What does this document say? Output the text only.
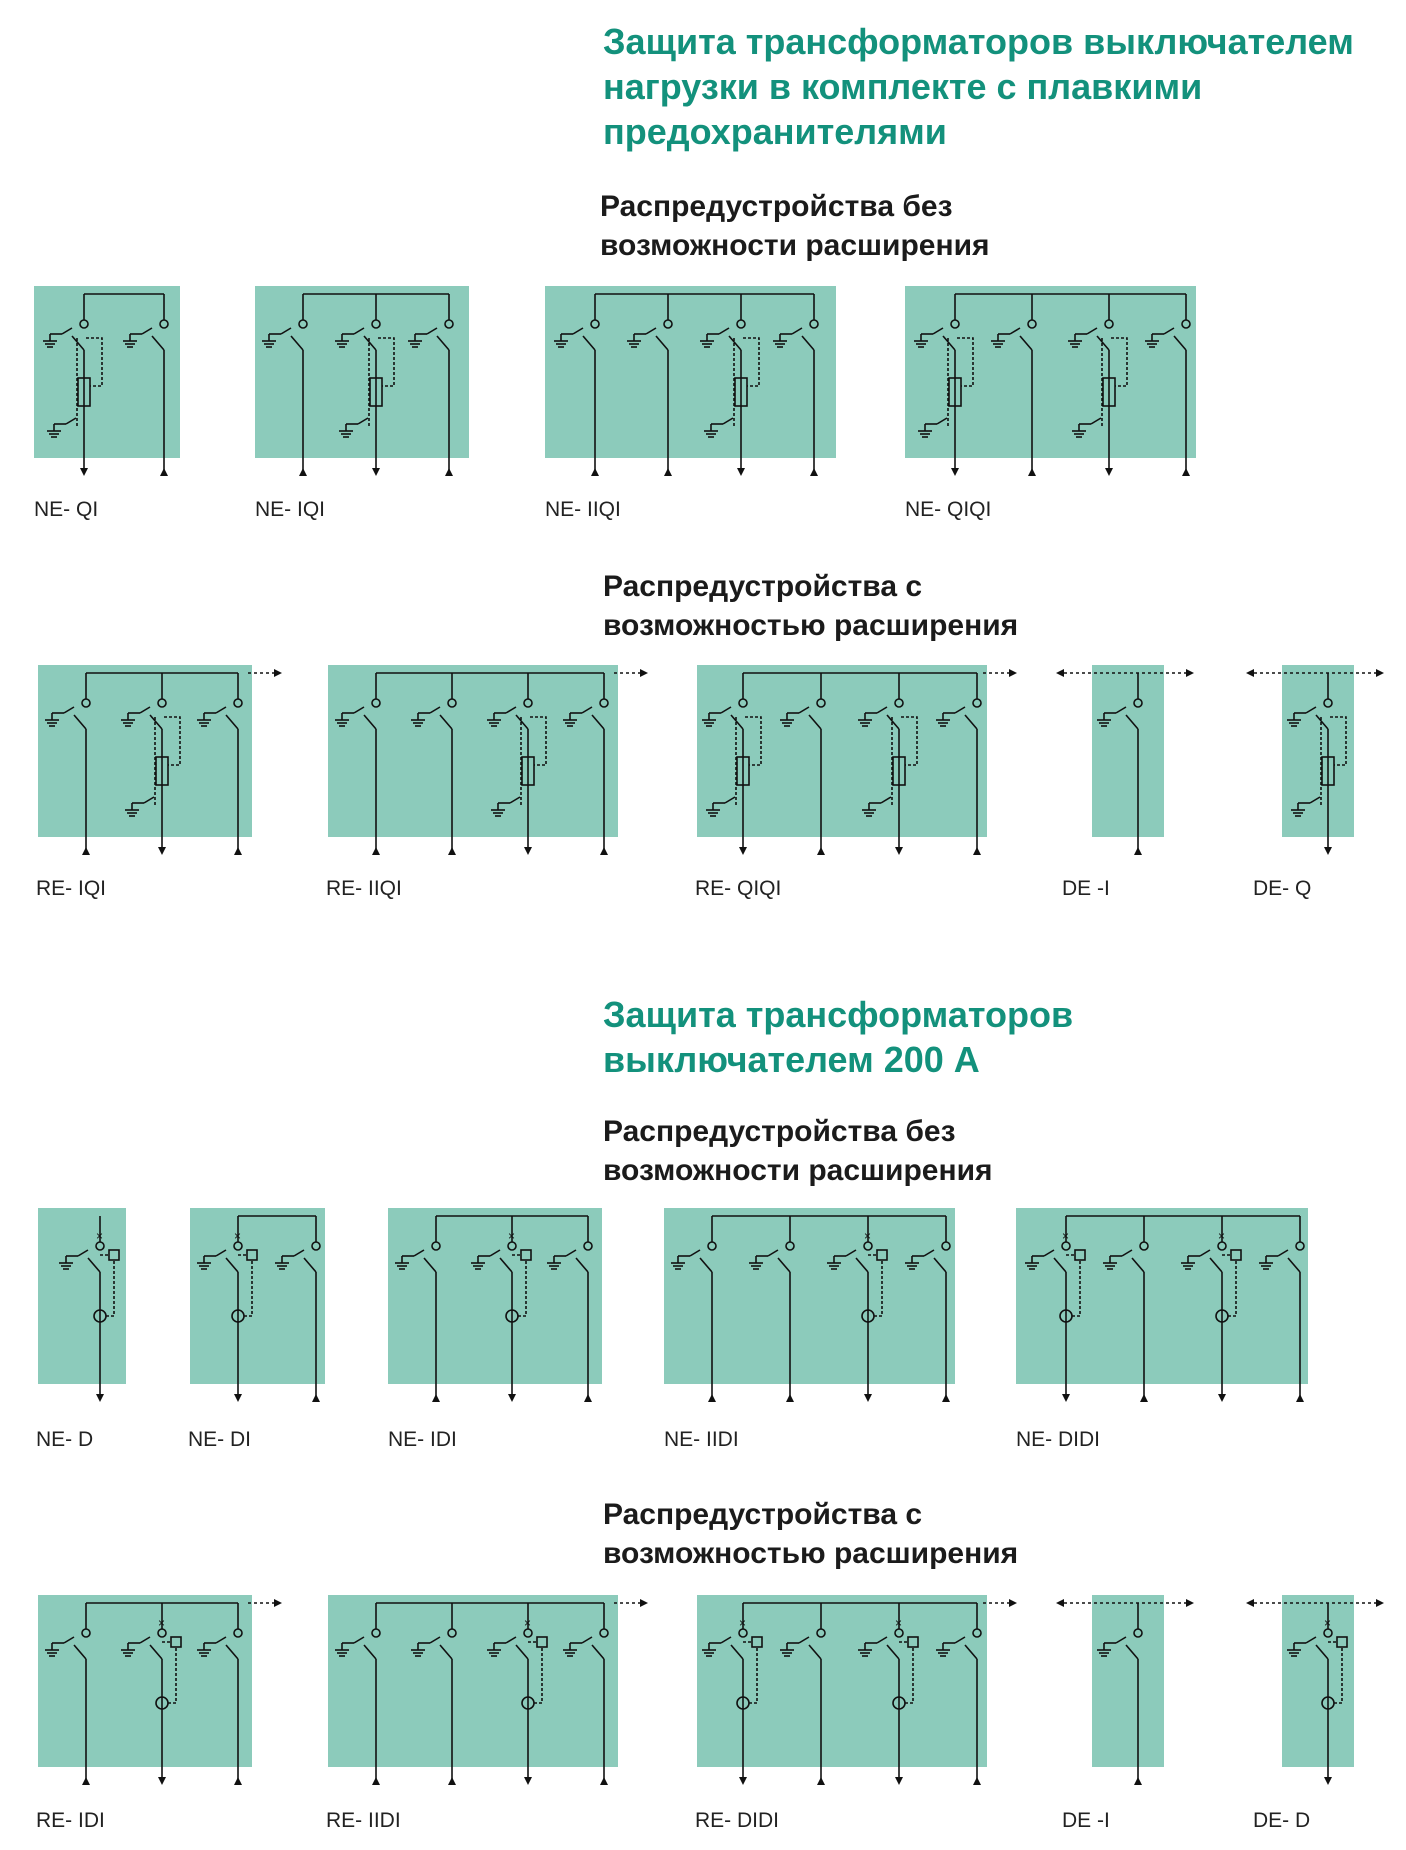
Защита трансформаторов выключателем
нагрузки в комплекте с плавкими
предохранителями
Распредустройства без
возможности расширения
NE- QI	NE- IQI	NE- IIQI	NE- QIQI
Распредустройства с
возможностью расширения
RE- IQI	RE- IIQI	RE- QIQI	DE -I	DE- Q
Защита трансформаторов
выключателем 200 A
Распредустройства без
возможности расширения
×	×	×	×	×	×
NE- D	NE- DI	NE- IDI	NE- IIDI	NE- DIDI
Распредустройства с
возможностью расширения
×	×	×	×	×
RE- IDI	RE- IIDI	RE- DIDI	DE -I	DE- D
